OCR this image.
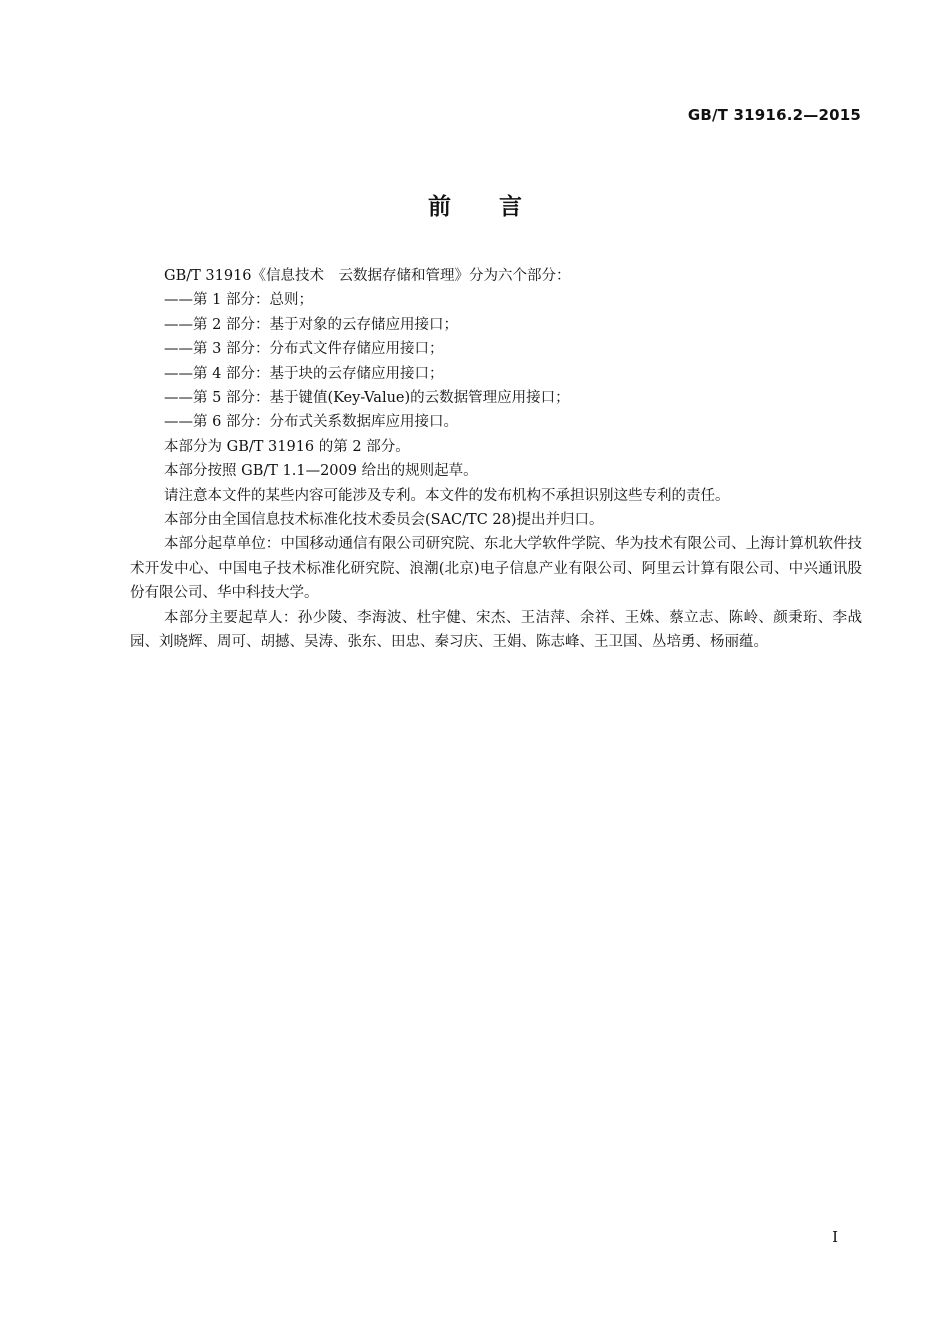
GB/T 31916.2—2015
前言

GB/T 31916《信息技术　云数据存储和管理》分为六个部分：

——第 1 部分：总则；

——第 2 部分：基于对象的云存储应用接口；

——第 3 部分：分布式文件存储应用接口；

——第 4 部分：基于块的云存储应用接口；

——第 5 部分：基于键值(Key-Value)的云数据管理应用接口；

——第 6 部分：分布式关系数据库应用接口。

本部分为 GB/T 31916 的第 2 部分。

本部分按照 GB/T 1.1—2009 给出的规则起草。

请注意本文件的某些内容可能涉及专利。本文件的发布机构不承担识别这些专利的责任。

本部分由全国信息技术标准化技术委员会(SAC/TC 28)提出并归口。

本部分起草单位：中国移动通信有限公司研究院、东北大学软件学院、华为技术有限公司、上海计算机软件技术开发中心、中国电子技术标准化研究院、浪潮(北京)电子信息产业有限公司、阿里云计算有限公司、中兴通讯股份有限公司、华中科技大学。

本部分主要起草人：孙少陵、李海波、杜宇健、宋杰、王洁萍、余祥、王姝、蔡立志、陈岭、颜秉珩、李战园、刘晓辉、周可、胡撼、吴涛、张东、田忠、秦习庆、王娟、陈志峰、王卫国、丛培勇、杨丽蕴。

I
